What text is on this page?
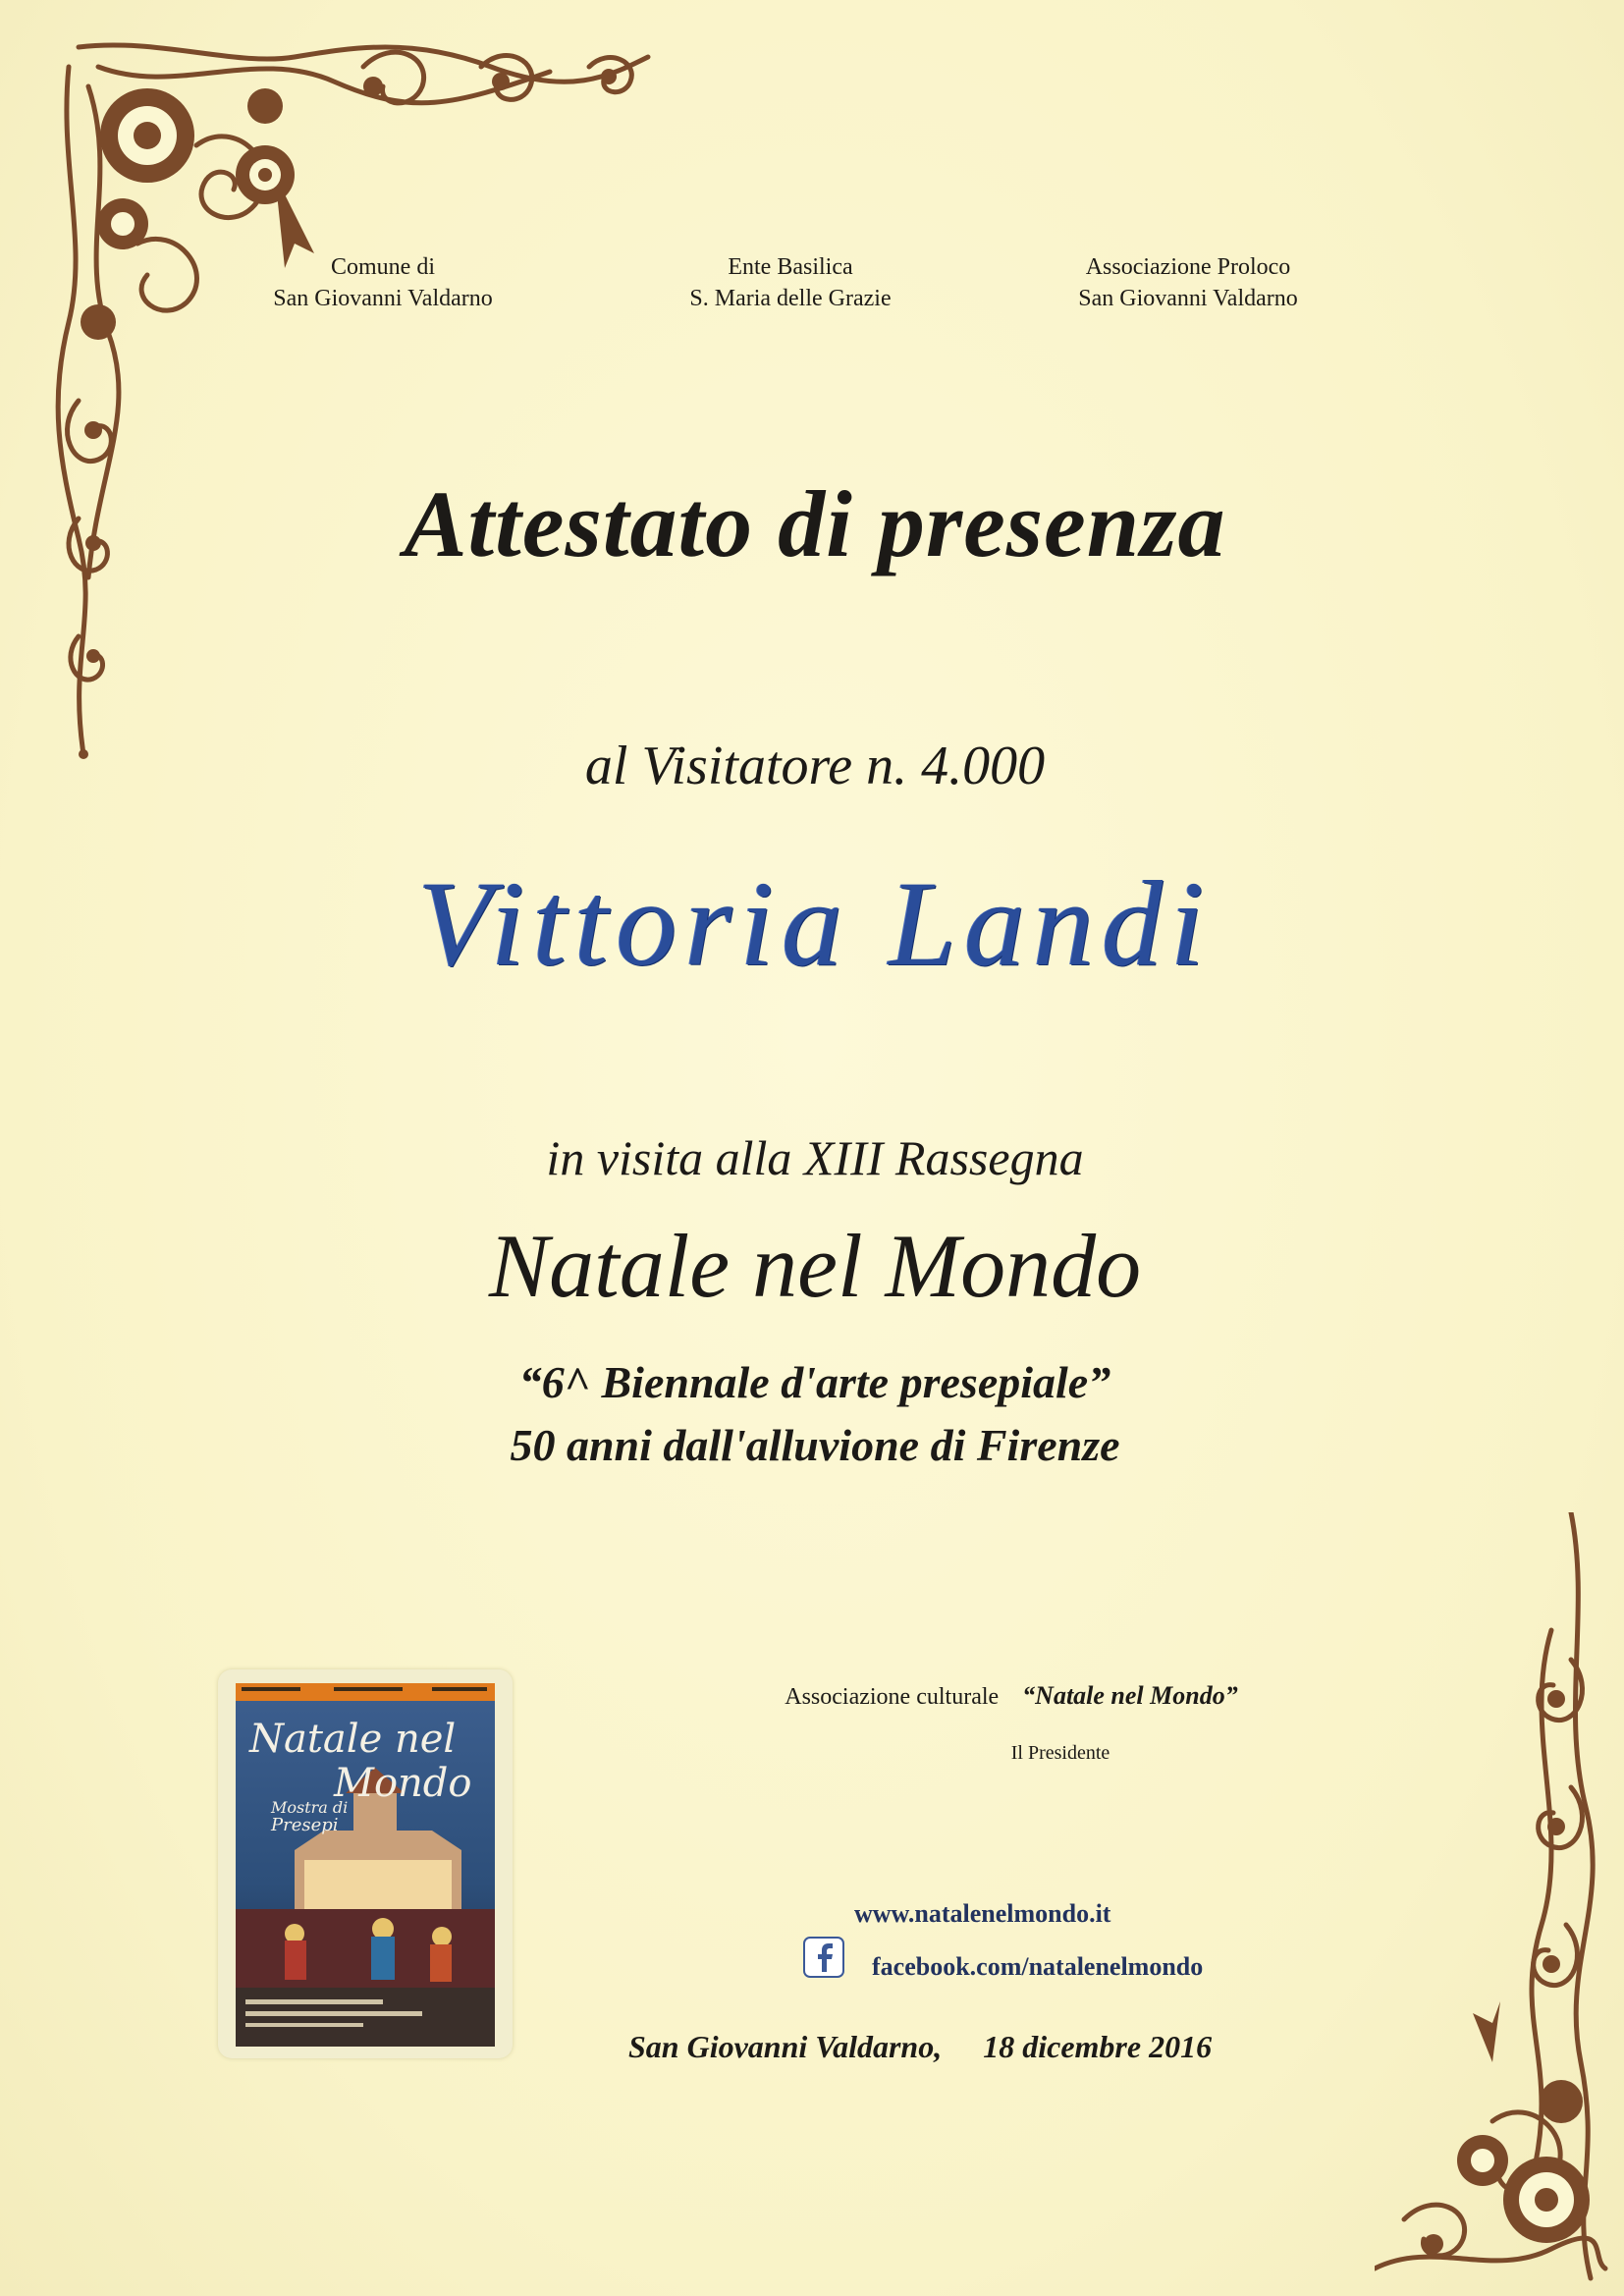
Comune di
San Giovanni Valdarno
Ente Basilica
S. Maria delle Grazie
Associazione Proloco
San Giovanni Valdarno
Attestato di presenza
al Visitatore n. 4.000
Vittoria Landi
in visita alla XIII Rassegna
Natale nel Mondo
“6^ Biennale d'arte presepiale”
50 anni dall'alluvione di Firenze
Associazione culturale “Natale nel Mondo”
Il Presidente
Natale nel
Mondo
Mostra di
Presepi
www.natalenelmondo.it
facebook.com/natalenelmondo
San Giovanni Valdarno, 18 dicembre 2016
